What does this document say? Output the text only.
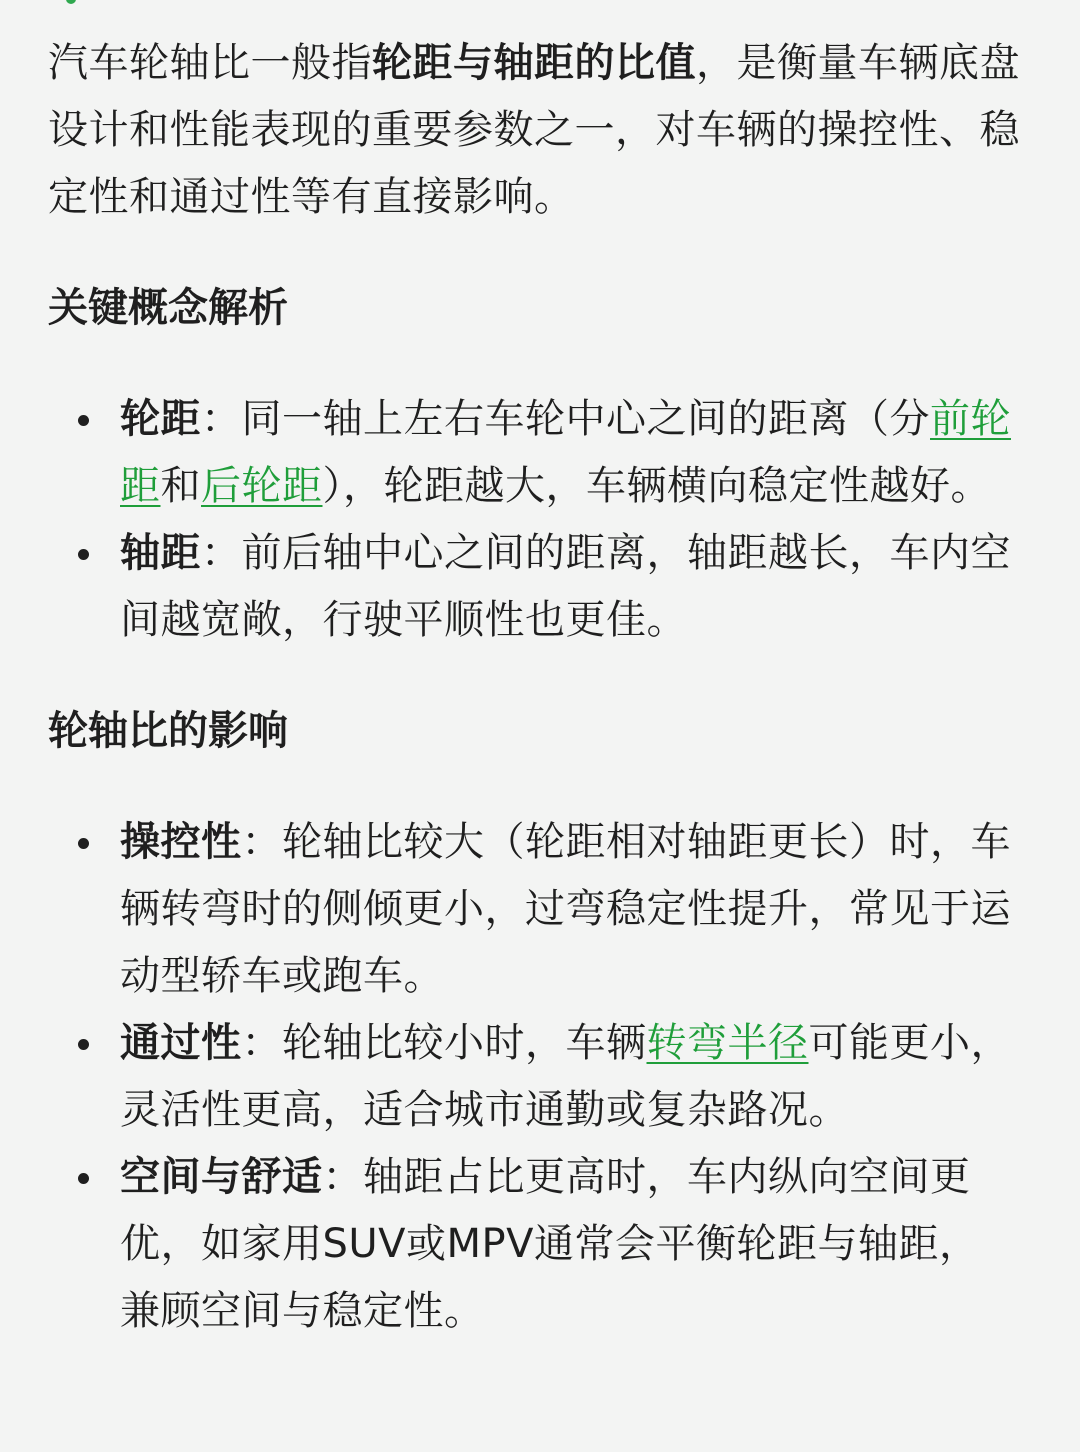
汽车轮轴比一般指轮距与轴距的比值，是衡量车辆底盘设计和性能表现的重要参数之一，对车辆的操控性、稳定性和通过性等有直接影响。

关键概念解析
轮距：同一轴上左右车轮中心之间的距离（分前轮距和后轮距），轮距越大，车辆横向稳定性越好。
轴距：前后轴中心之间的距离，轴距越长，车内空间越宽敞，行驶平顺性也更佳。
轮轴比的影响
操控性：轮轴比较大（轮距相对轴距更长）时，车辆转弯时的侧倾更小，过弯稳定性提升，常见于运动型轿车或跑车。
通过性：轮轴比较小时，车辆转弯半径可能更小，灵活性更高，适合城市通勤或复杂路况。
空间与舒适：轴距占比更高时，车内纵向空间更优，如家用SUV或MPV通常会平衡轮距与轴距，兼顾空间与稳定性。
